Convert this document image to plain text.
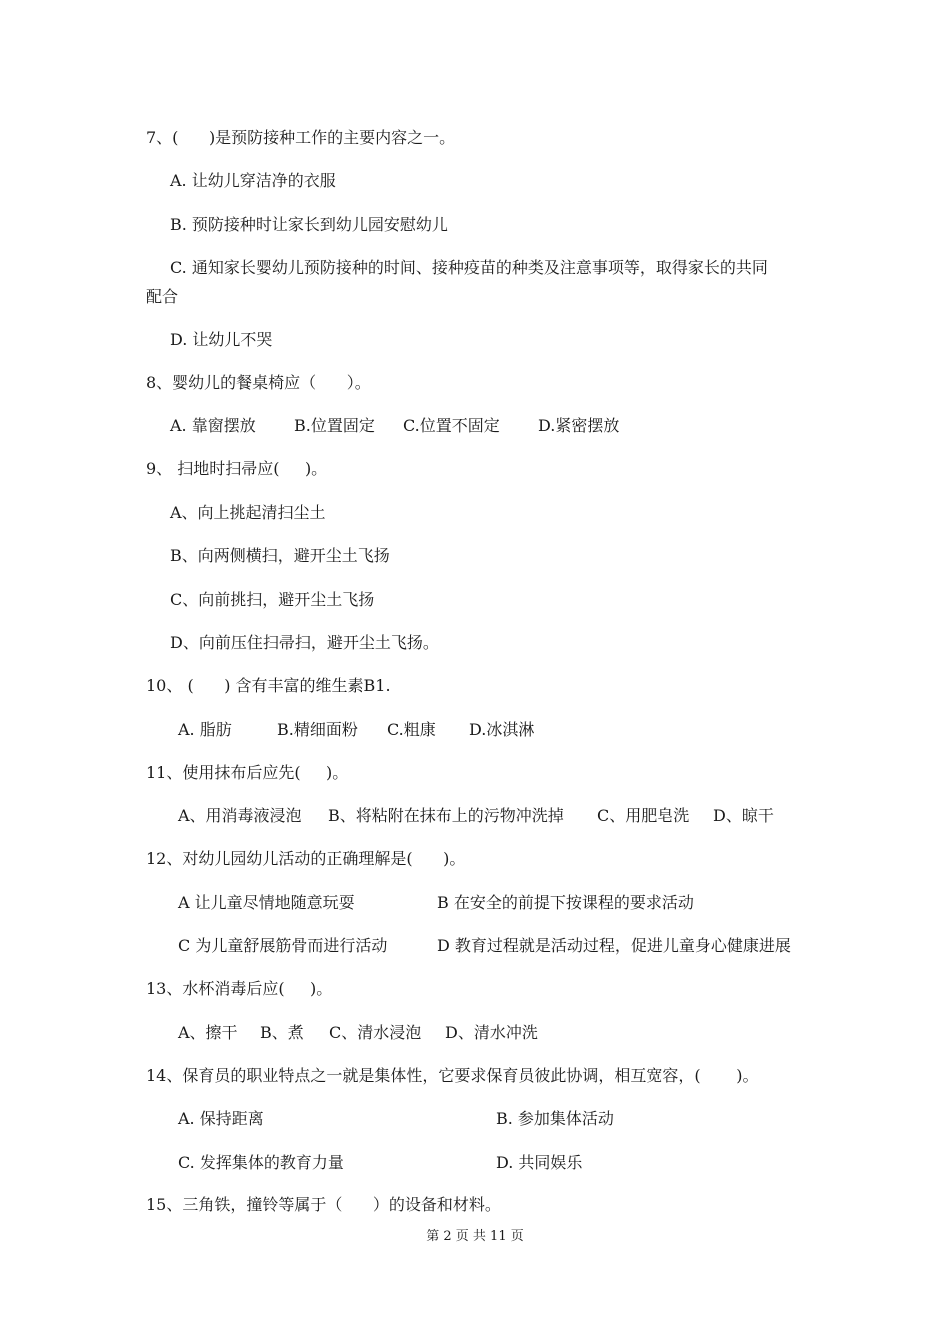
7、(      )是预防接种工作的主要内容之一。
A. 让幼儿穿洁净的衣服
B. 预防接种时让家长到幼儿园安慰幼儿
C. 通知家长婴幼儿预防接种的时间、接种疫苗的种类及注意事项等，取得家长的共同
配合
D. 让幼儿不哭
8、婴幼儿的餐桌椅应（      ）。
A. 靠窗摆放 B.位置固定 C.位置不固定 D.紧密摆放
9、 扫地时扫帚应(     )。
A、向上挑起清扫尘土
B、向两侧横扫，避开尘土飞扬
C、向前挑扫，避开尘土飞扬
D、向前压住扫帚扫，避开尘土飞扬。
10、 (      ) 含有丰富的维生素B1.
A. 脂肪	B.精细面粉 C.粗康 D.冰淇淋
11、使用抹布后应先(     )。
A、用消毒液浸泡 B、将粘附在抹布上的污物冲洗掉 C、用肥皂洗 D、晾干
12、对幼儿园幼儿活动的正确理解是(      )。
A 让儿童尽情地随意玩耍	B 在安全的前提下按课程的要求活动
C 为儿童舒展筋骨而进行活动	D 教育过程就是活动过程，促进儿童身心健康进展
13、水杯消毒后应(     )。
A、擦干 B、煮 C、清水浸泡 D、清水冲洗
14、保育员的职业特点之一就是集体性，它要求保育员彼此协调，相互宽容，(       )。
A. 保持距离	B. 参加集体活动
C. 发挥集体的教育力量	D. 共同娱乐
15、三角铁，撞铃等属于（      ）的设备和材料。
第 2 页 共 11 页
